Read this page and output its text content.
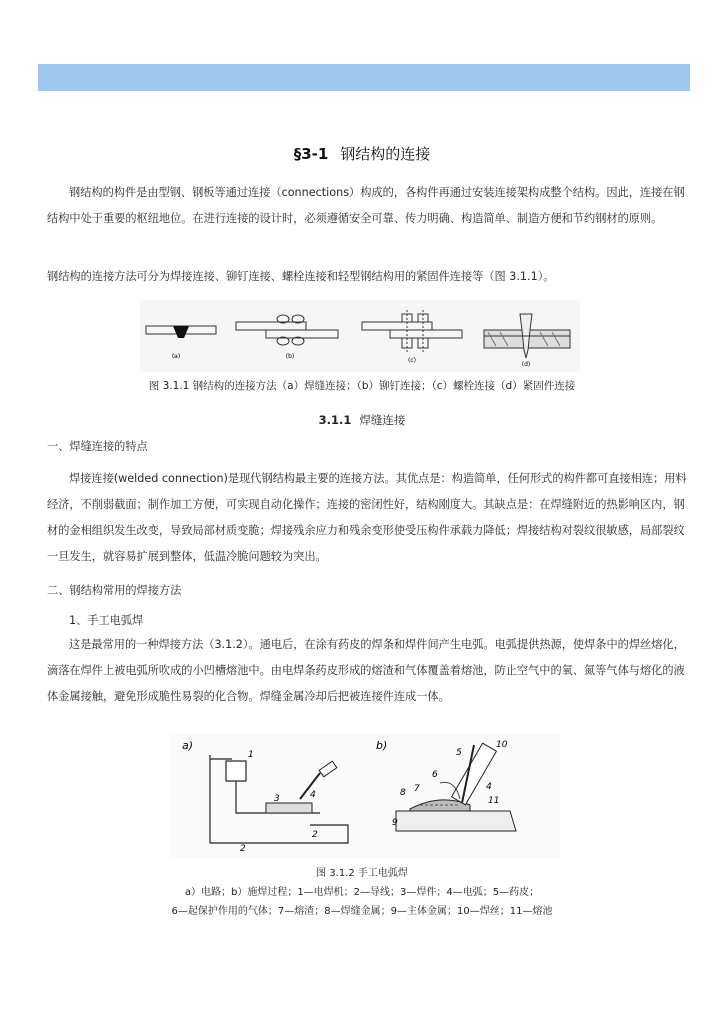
§3-1 钢结构的连接

钢结构的构件是由型钢、钢板等通过连接（connections）构成的，各构件再通过安装连接架构成整个结构。因此，连接在钢结构中处于重要的枢纽地位。在进行连接的设计时，必须遵循安全可靠、传力明确、构造简单、制造方便和节约钢材的原则。

钢结构的连接方法可分为焊接连接、铆钉连接、螺栓连接和轻型钢结构用的紧固件连接等（图 3.1.1）。

(a)	(b)
(c)
(d)
图 3.1.1 钢结构的连接方法（a）焊缝连接；（b）铆钉连接；（c）螺栓连接（d）紧固件连接
3.1.1 焊缝连接
一、焊缝连接的特点

焊接连接(welded connection)是现代钢结构最主要的连接方法。其优点是：构造简单，任何形式的构件都可直接相连；用料经济，不削弱截面；制作加工方便，可实现自动化操作；连接的密闭性好，结构刚度大。其缺点是：在焊缝附近的热影响区内，钢材的金相组织发生改变，导致局部材质变脆；焊接残余应力和残余变形使受压构件承载力降低；焊接结构对裂纹很敏感，局部裂纹一旦发生，就容易扩展到整体，低温冷脆问题较为突出。

二、钢结构常用的焊接方法
1、手工电弧焊

这是最常用的一种焊接方法（3.1.2）。通电后，在涂有药皮的焊条和焊件间产生电弧。电弧提供热源，使焊条中的焊丝熔化，滴落在焊件上被电弧所吹成的小凹槽熔池中。由电焊条药皮形成的熔渣和气体覆盖着熔池，防止空气中的氧、氮等气体与熔化的液体金属接触，避免形成脆性易裂的化合物。焊缝金属冷却后把被连接件连成一体。

a)
1
2
2
3	4
b)	10
5
6
7
8
9
11
4
图 3.1.2 手工电弧焊
a）电路；b）施焊过程；1—电焊机；2—导线；3—焊件；4—电弧；5—药皮；
6—起保护作用的气体；7—熔渣；8—焊缝金属；9—主体金属；10—焊丝；11—熔池
